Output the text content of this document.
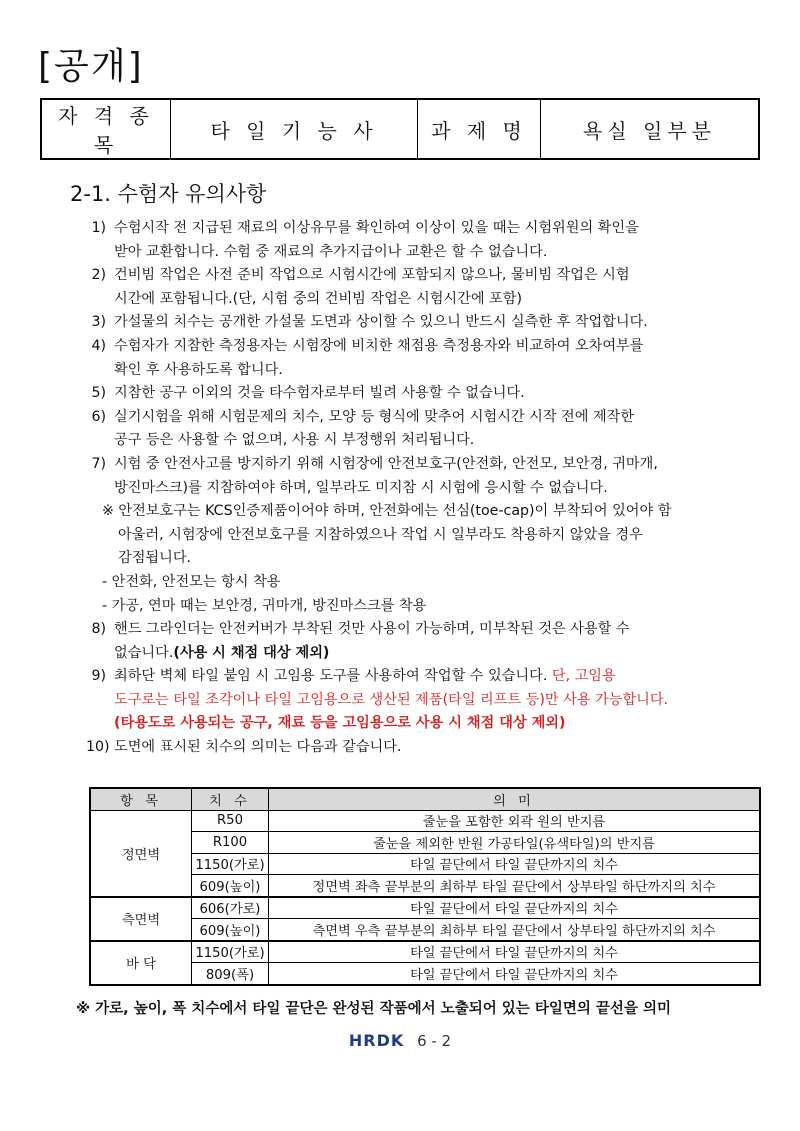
[공개]
자 격 종 목	타 일 기 능 사	과 제 명	욕실 일부분
2-1. 수험자 유의사항
1) 수험시작 전 지급된 재료의 이상유무를 확인하여 이상이 있을 때는 시험위원의 확인을
받아 교환합니다. 수험 중 재료의 추가지급이나 교환은 할 수 없습니다.
2) 건비빔 작업은 사전 준비 작업으로 시험시간에 포함되지 않으나, 물비빔 작업은 시험
시간에 포함됩니다.(단, 시험 중의 건비빔 작업은 시험시간에 포함)
3) 가설물의 치수는 공개한 가설물 도면과 상이할 수 있으니 반드시 실측한 후 작업합니다.
4) 수험자가 지참한 측정용자는 시험장에 비치한 채점용 측정용자와 비교하여 오차여부를
확인 후 사용하도록 합니다.
5) 지참한 공구 이외의 것을 타수험자로부터 빌려 사용할 수 없습니다.
6) 실기시험을 위해 시험문제의 치수, 모양 등 형식에 맞추어 시험시간 시작 전에 제작한
공구 등은 사용할 수 없으며, 사용 시 부정행위 처리됩니다.
7) 시험 중 안전사고를 방지하기 위해 시험장에 안전보호구(안전화, 안전모, 보안경, 귀마개,
방진마스크)를 지참하여야 하며, 일부라도 미지참 시 시험에 응시할 수 없습니다.
※ 안전보호구는 KCS인증제품이어야 하며, 안전화에는 선심(toe-cap)이 부착되어 있어야 함
아울러, 시험장에 안전보호구를 지참하였으나 작업 시 일부라도 착용하지 않았을 경우
감점됩니다.
- 안전화, 안전모는 항시 착용
- 가공, 연마 때는 보안경, 귀마개, 방진마스크를 착용
8) 핸드 그라인더는 안전커버가 부착된 것만 사용이 가능하며, 미부착된 것은 사용할 수
없습니다.(사용 시 채점 대상 제외)
9) 최하단 벽체 타일 붙임 시 고임용 도구를 사용하여 작업할 수 있습니다. 단, 고임용
도구로는 타일 조각이나 타일 고임용으로 생산된 제품(타일 리프트 등)만 사용 가능합니다.
(타용도로 사용되는 공구, 재료 등을 고임용으로 사용 시 채점 대상 제외)
10) 도면에 표시된 치수의 의미는 다음과 같습니다.
항 목	치 수	의 미
정면벽	R50	줄눈을 포함한 외곽 원의 반지름
	R100	줄눈을 제외한 반원 가공타일(유색타일)의 반지름
	1150(가로)	타일 끝단에서 타일 끝단까지의 치수
	609(높이)	정면벽 좌측 끝부분의 최하부 타일 끝단에서 상부타일 하단까지의 치수
측면벽	606(가로)	타일 끝단에서 타일 끝단까지의 치수
	609(높이)	측면벽 우측 끝부분의 최하부 타일 끝단에서 상부타일 하단까지의 치수
바 닥	1150(가로)	타일 끝단에서 타일 끝단까지의 치수
	809(폭)	타일 끝단에서 타일 끝단까지의 치수
※ 가로, 높이, 폭 치수에서 타일 끝단은 완성된 작품에서 노출되어 있는 타일면의 끝선을 의미
HRDK 6 - 2
